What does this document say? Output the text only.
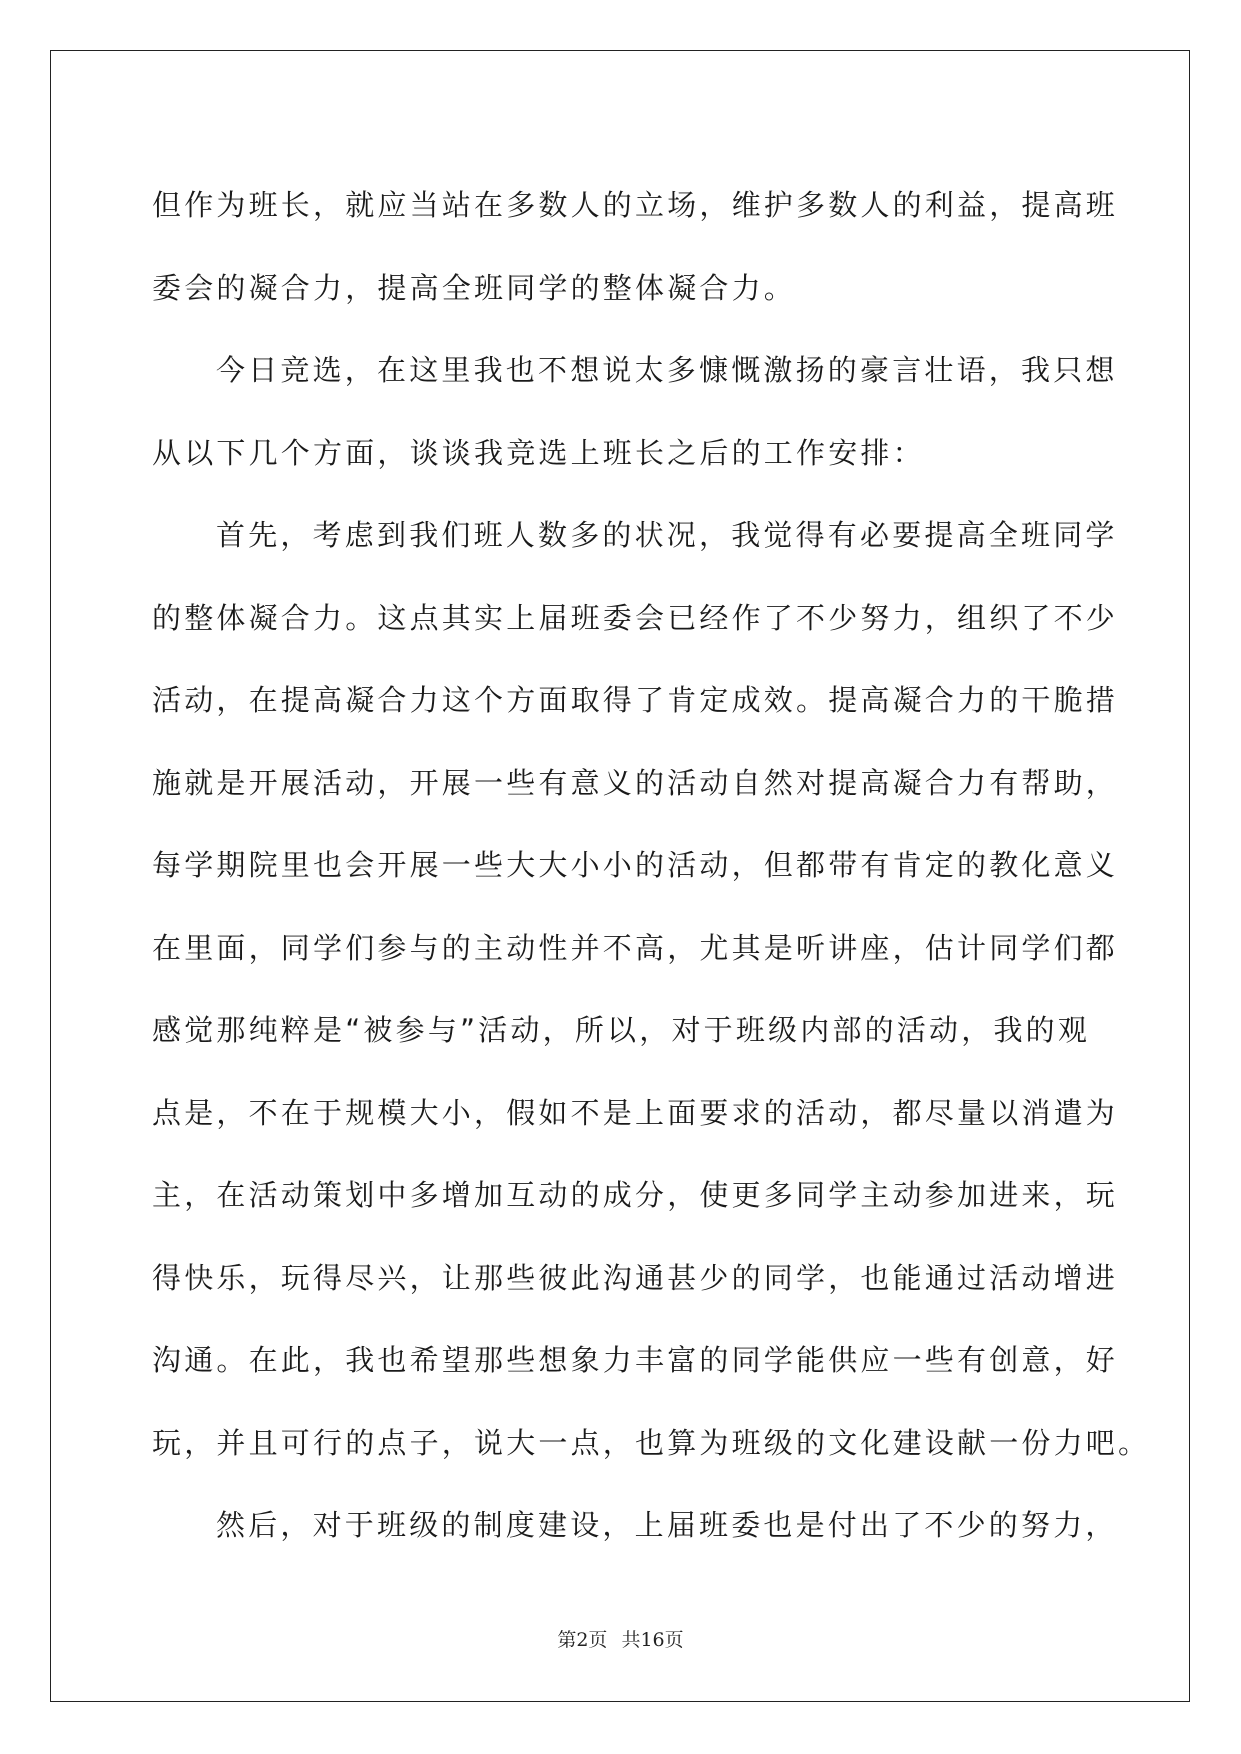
但作为班长，就应当站在多数人的立场，维护多数人的利益，提高班
委会的凝合力，提高全班同学的整体凝合力。
今日竞选，在这里我也不想说太多慷慨激扬的豪言壮语，我只想
从以下几个方面，谈谈我竞选上班长之后的工作安排：
首先，考虑到我们班人数多的状况，我觉得有必要提高全班同学
的整体凝合力。这点其实上届班委会已经作了不少努力，组织了不少
活动，在提高凝合力这个方面取得了肯定成效。提高凝合力的干脆措
施就是开展活动，开展一些有意义的活动自然对提高凝合力有帮助，
每学期院里也会开展一些大大小小的活动，但都带有肯定的教化意义
在里面，同学们参与的主动性并不高，尤其是听讲座，估计同学们都
感觉那纯粹是“被参与”活动，所以，对于班级内部的活动，我的观
点是，不在于规模大小，假如不是上面要求的活动，都尽量以消遣为
主，在活动策划中多增加互动的成分，使更多同学主动参加进来，玩
得快乐，玩得尽兴，让那些彼此沟通甚少的同学，也能通过活动增进
沟通。在此，我也希望那些想象力丰富的同学能供应一些有创意，好
玩，并且可行的点子，说大一点，也算为班级的文化建设献一份力吧。
然后，对于班级的制度建设，上届班委也是付出了不少的努力，
第2页 共16页
